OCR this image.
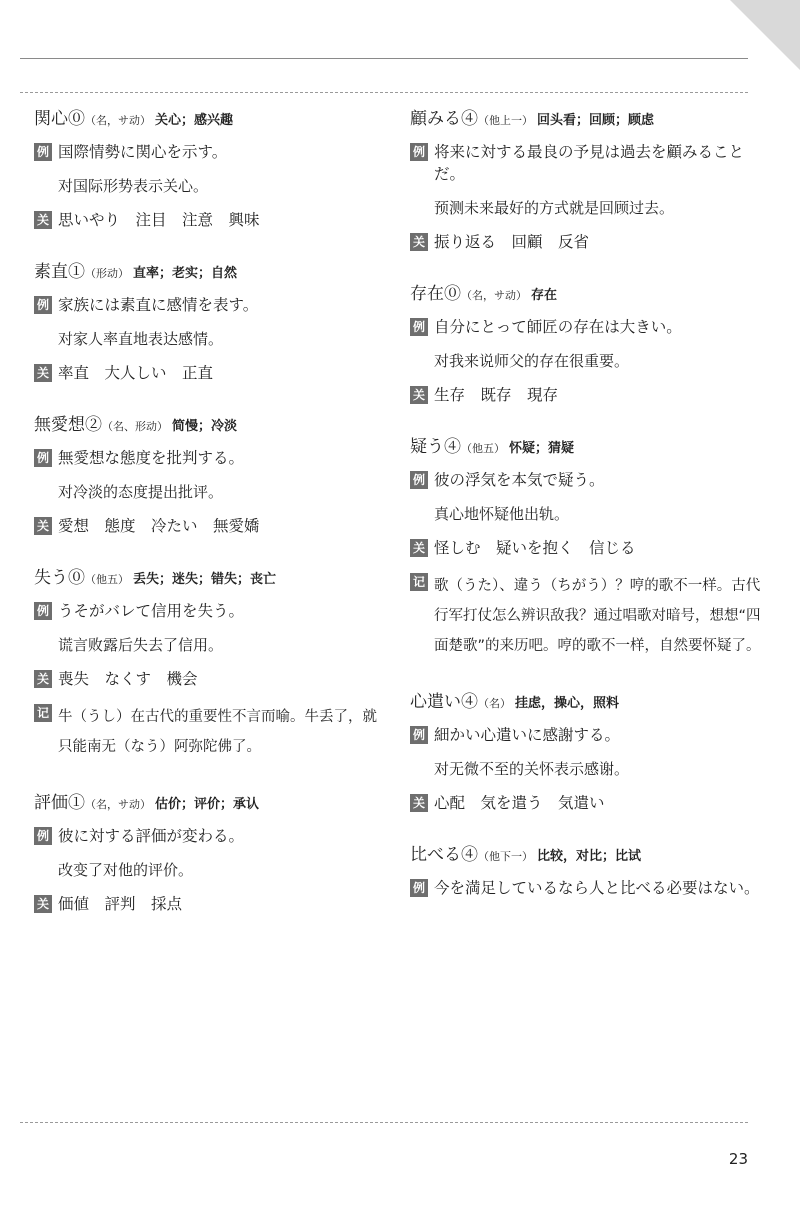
関心⓪（名，サ动） 关心；感兴趣
例 国際情勢に関心を示す。
对国际形势表示关心。
关 思いやり　注目　注意　興味
素直①（形动） 直率；老实；自然
例 家族には素直に感情を表す。
对家人率直地表达感情。
关 率直　大人しい　正直
無愛想②（名、形动） 简慢；冷淡
例 無愛想な態度を批判する。
对冷淡的态度提出批评。
关 愛想　態度　冷たい　無愛嬌
失う⓪（他五） 丢失；迷失；错失；丧亡
例 うそがバレて信用を失う。
谎言败露后失去了信用。
关 喪失　なくす　機会
记 牛（うし）在古代的重要性不言而喻。牛丢了，就只能南无（なう）阿弥陀佛了。
評価①（名，サ动） 估价；评价；承认
例 彼に対する評価が変わる。
改变了对他的评价。
关 価値　評判　採点
顧みる④（他上一） 回头看；回顾；顾虑
例 将来に対する最良の予見は過去を顧みることだ。
预测未来最好的方式就是回顾过去。
关 振り返る　回顧　反省
存在⓪（名，サ动） 存在
例 自分にとって師匠の存在は大きい。
对我来说师父的存在很重要。
关 生存　既存　現存
疑う④（他五） 怀疑；猜疑
例 彼の浮気を本気で疑う。
真心地怀疑他出轨。
关 怪しむ　疑いを抱く　信じる
记 歌（うた）、違う（ちがう）？哼的歌不一样。古代行军打仗怎么辨识敌我？通过唱歌对暗号，想想“四面楚歌”的来历吧。哼的歌不一样，自然要怀疑了。
心遣い④（名） 挂虑，操心，照料
例 細かい心遣いに感謝する。
对无微不至的关怀表示感谢。
关 心配　気を遣う　気遣い
比べる④（他下一） 比较，对比；比试
例 今を満足しているなら人と比べる必要はない。
23
